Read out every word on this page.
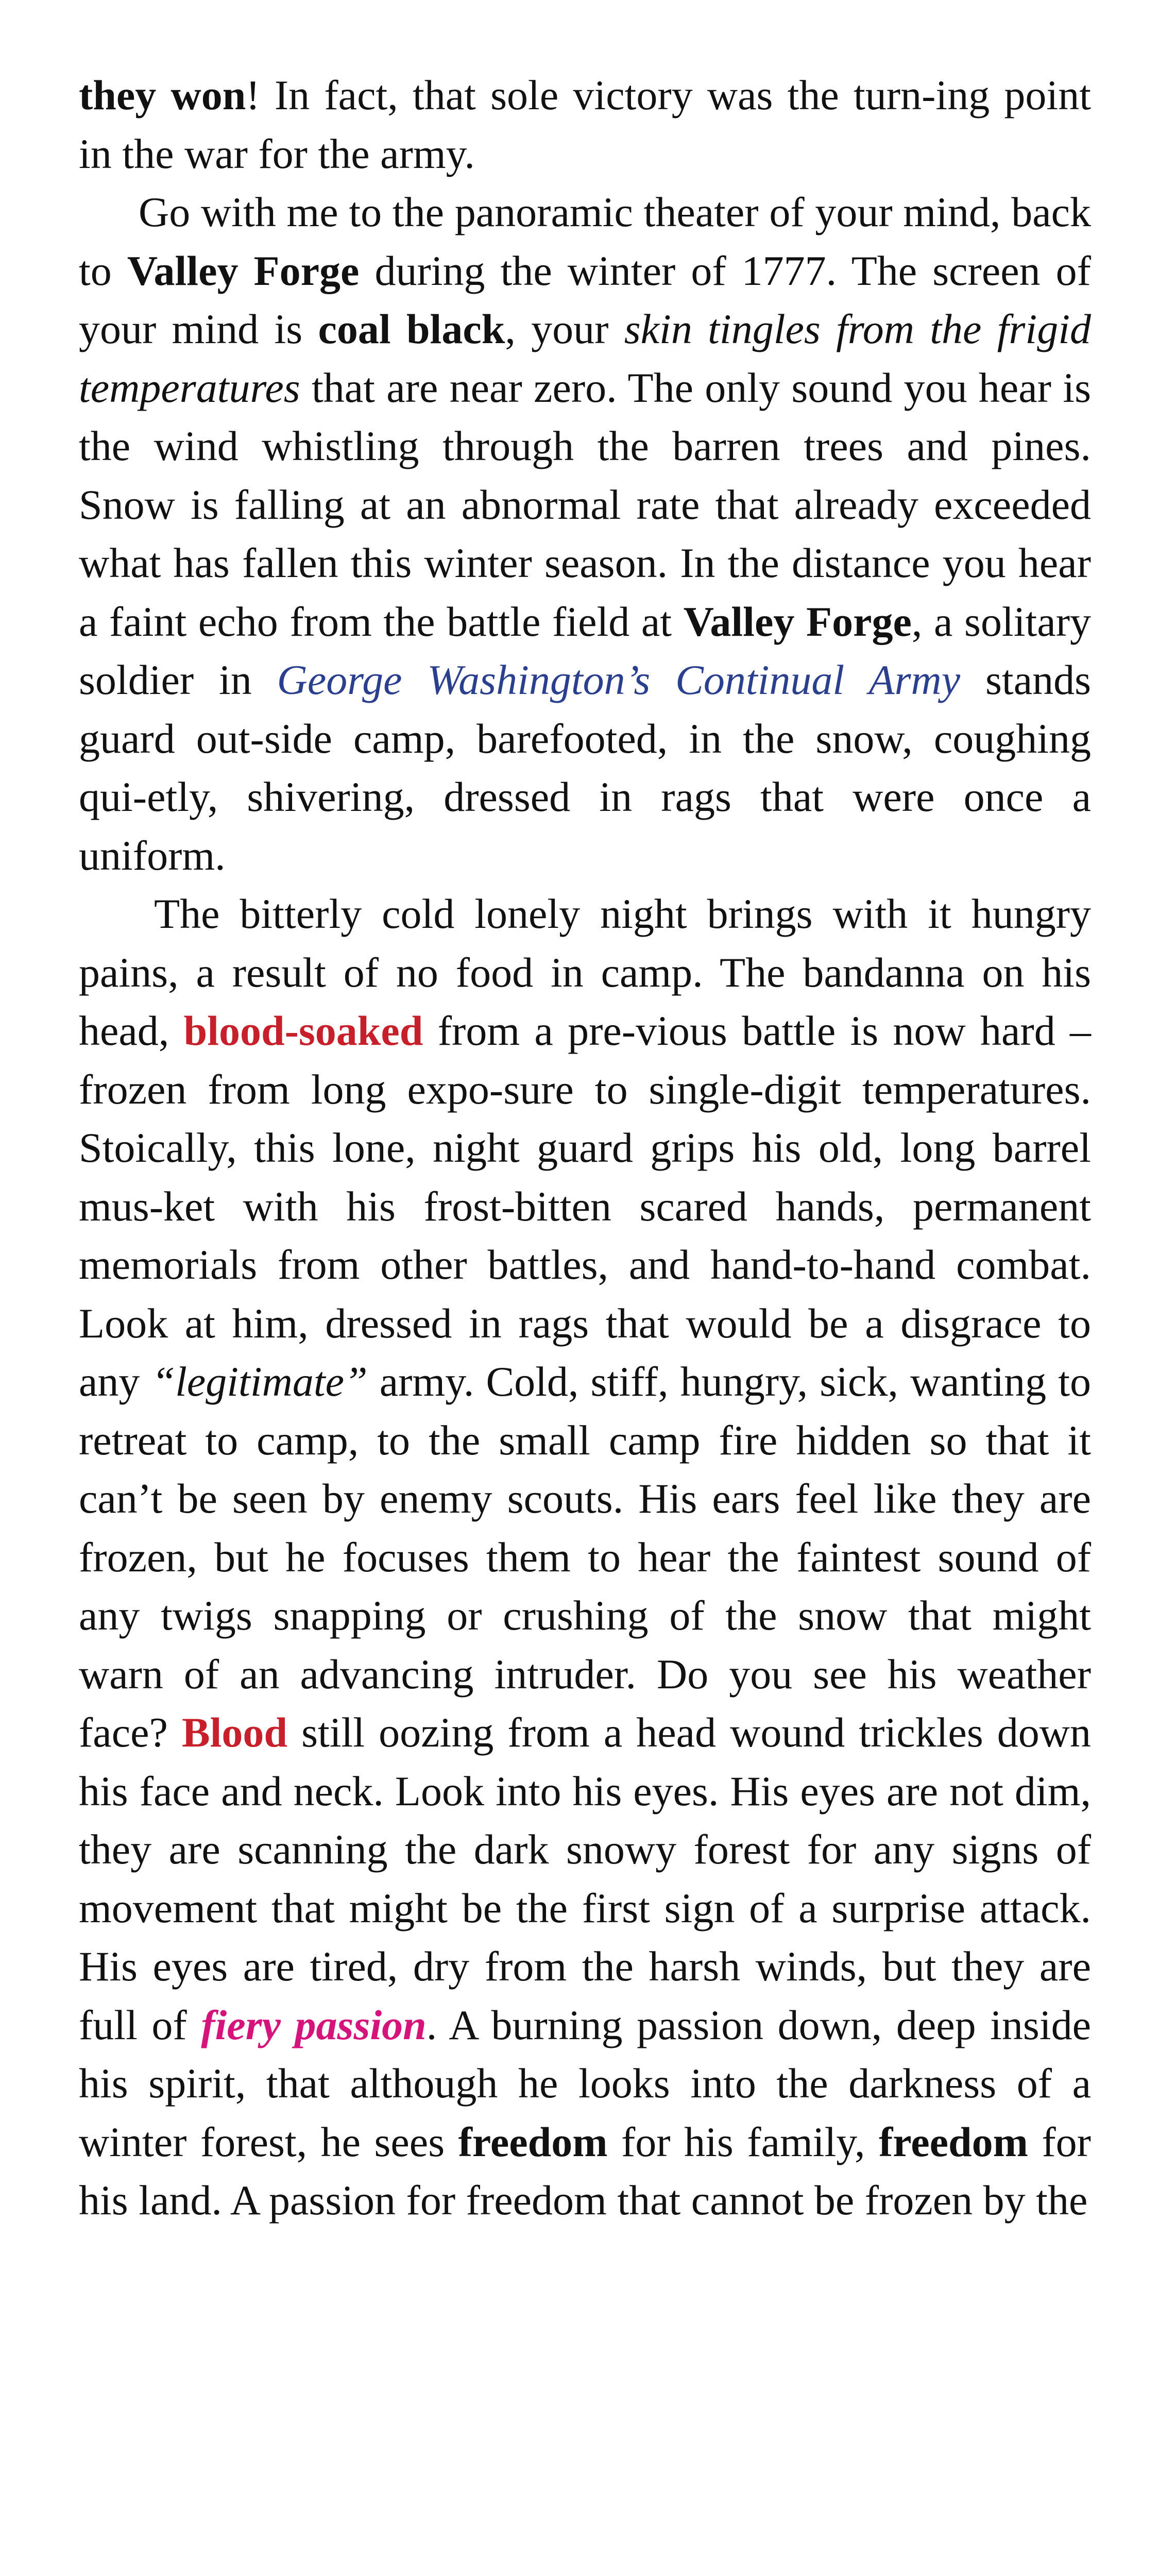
they won! In fact, that sole victory was the turn-ing point in the war for the army.

Go with me to the panoramic theater of your mind, back to Valley Forge during the winter of 1777. The screen of your mind is coal black, your skin tingles from the frigid temperatures that are near zero. The only sound you hear is the wind whistling through the barren trees and pines. Snow is falling at an abnormal rate that already exceeded what has fallen this winter season. In the distance you hear a faint echo from the battle field at Valley Forge, a solitary soldier in George Washington’s Continual Army stands guard out-side camp, barefooted, in the snow, coughing qui-etly, shivering, dressed in rags that were once a uniform.

The bitterly cold lonely night brings with it hungry pains, a result of no food in camp. The bandanna on his head, blood-soaked from a pre-vious battle is now hard – frozen from long expo-sure to single-digit temperatures. Stoically, this lone, night guard grips his old, long barrel mus-ket with his frost-bitten scared hands, permanent memorials from other battles, and hand-to-hand combat. Look at him, dressed in rags that would be a disgrace to any “legitimate” army. Cold, stiff, hungry, sick, wanting to retreat to camp, to the small camp fire hidden so that it can’t be seen by enemy scouts. His ears feel like they are frozen, but he focuses them to hear the faintest sound of any twigs snapping or crushing of the snow that might warn of an advancing intruder. Do you see his weather face? Blood still oozing from a head wound trickles down his face and neck. Look into his eyes. His eyes are not dim, they are scanning the dark snowy forest for any signs of movement that might be the first sign of a surprise attack. His eyes are tired, dry from the harsh winds, but they are full of fiery passion. A burning passion down, deep inside his spirit, that although he looks into the darkness of a winter forest, he sees freedom for his family, freedom for his land. A passion for freedom that cannot be frozen by the
